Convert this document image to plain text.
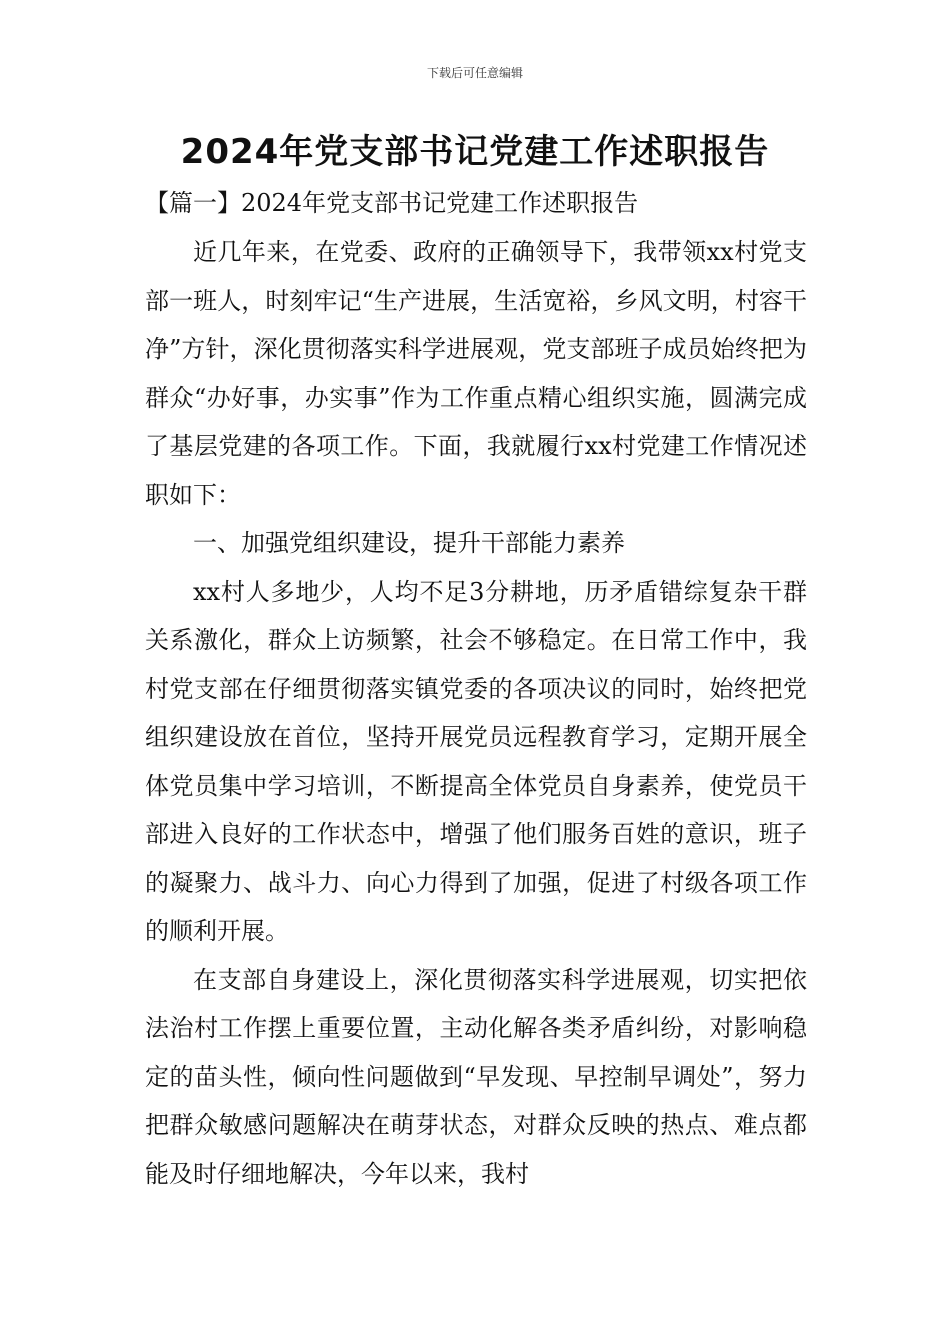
下载后可任意编辑
2024年党支部书记党建工作述职报告
【篇一】2024年党支部书记党建工作述职报告

近几年来，在党委、政府的正确领导下，我带领xx村党支部一班人，时刻牢记“生产进展，生活宽裕，乡风文明，村容干净”方针，深化贯彻落实科学进展观，党支部班子成员始终把为群众“办好事，办实事”作为工作重点精心组织实施，圆满完成了基层党建的各项工作。下面，我就履行xx村党建工作情况述职如下：

一、加强党组织建设，提升干部能力素养

xx村人多地少，人均不足3分耕地，历矛盾错综复杂干群关系激化，群众上访频繁，社会不够稳定。在日常工作中，我村党支部在仔细贯彻落实镇党委的各项决议的同时，始终把党组织建设放在首位，坚持开展党员远程教育学习，定期开展全体党员集中学习培训，不断提高全体党员自身素养，使党员干部进入良好的工作状态中，增强了他们服务百姓的意识，班子的凝聚力、战斗力、向心力得到了加强，促进了村级各项工作的顺利开展。

在支部自身建设上，深化贯彻落实科学进展观，切实把依法治村工作摆上重要位置，主动化解各类矛盾纠纷，对影响稳定的苗头性，倾向性问题做到“早发现、早控制早调处”，努力把群众敏感问题解决在萌芽状态，对群众反映的热点、难点都能及时仔细地解决，今年以来，我村
